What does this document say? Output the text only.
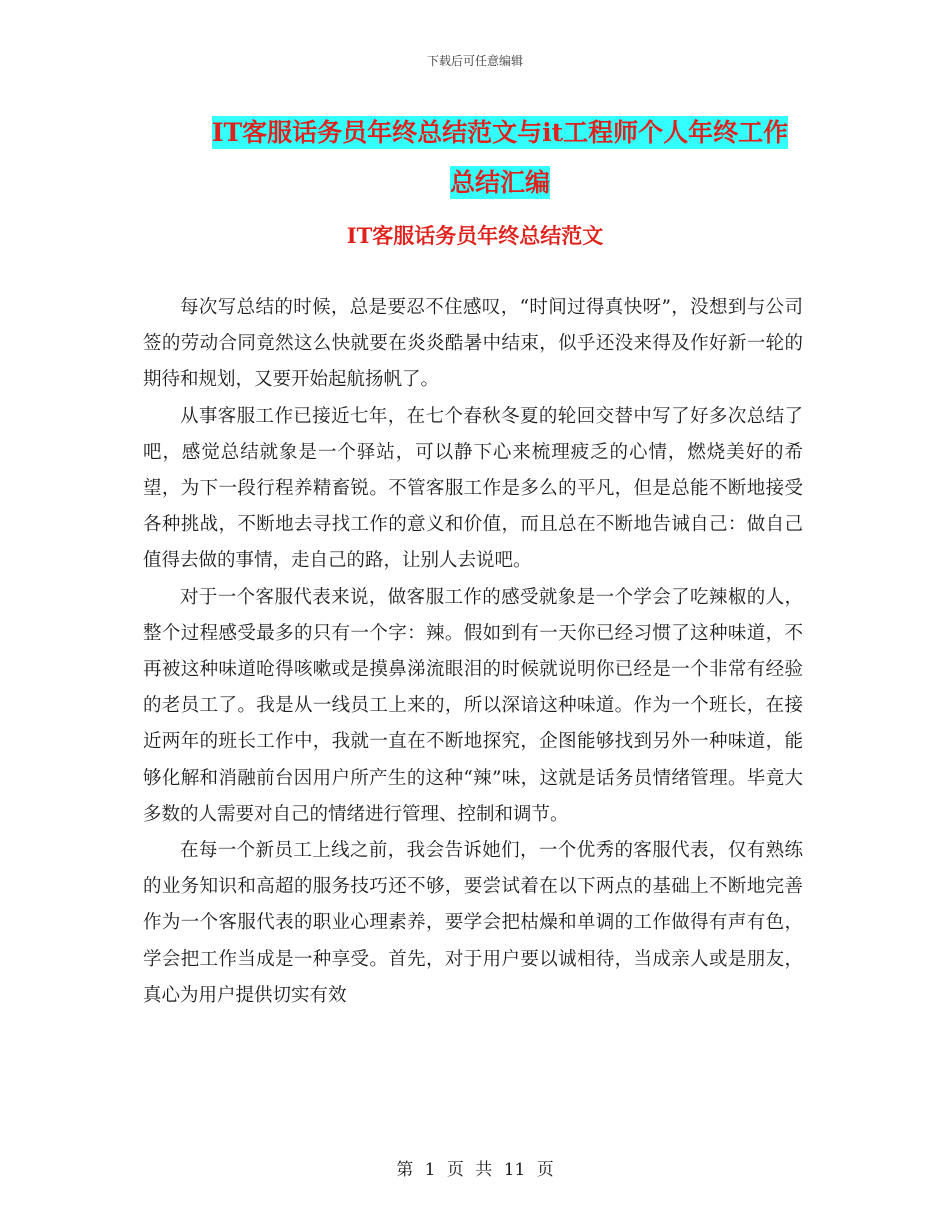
下载后可任意编辑
IT客服话务员年终总结范文与it工程师个人年终工作
总结汇编
IT客服话务员年终总结范文

每次写总结的时候，总是要忍不住感叹，“时间过得真快呀”，没想到与公司签的劳动合同竟然这么快就要在炎炎酷暑中结束，似乎还没来得及作好新一轮的期待和规划，又要开始起航扬帆了。

从事客服工作已接近七年，在七个春秋冬夏的轮回交替中写了好多次总结了吧，感觉总结就象是一个驿站，可以静下心来梳理疲乏的心情，燃烧美好的希望，为下一段行程养精畜锐。不管客服工作是多么的平凡，但是总能不断地接受各种挑战，不断地去寻找工作的意义和价值，而且总在不断地告诫自己：做自己值得去做的事情，走自己的路，让别人去说吧。

对于一个客服代表来说，做客服工作的感受就象是一个学会了吃辣椒的人，整个过程感受最多的只有一个字：辣。假如到有一天你已经习惯了这种味道，不再被这种味道呛得咳嗽或是摸鼻涕流眼泪的时候就说明你已经是一个非常有经验的老员工了。我是从一线员工上来的，所以深谙这种味道。作为一个班长，在接近两年的班长工作中，我就一直在不断地探究，企图能够找到另外一种味道，能够化解和消融前台因用户所产生的这种“辣”味，这就是话务员情绪管理。毕竟大多数的人需要对自己的情绪进行管理、控制和调节。

在每一个新员工上线之前，我会告诉她们，一个优秀的客服代表，仅有熟练的业务知识和高超的服务技巧还不够，要尝试着在以下两点的基础上不断地完善作为一个客服代表的职业心理素养，要学会把枯燥和单调的工作做得有声有色，学会把工作当成是一种享受。首先，对于用户要以诚相待，当成亲人或是朋友，真心为用户提供切实有效

第 1 页 共 11 页
